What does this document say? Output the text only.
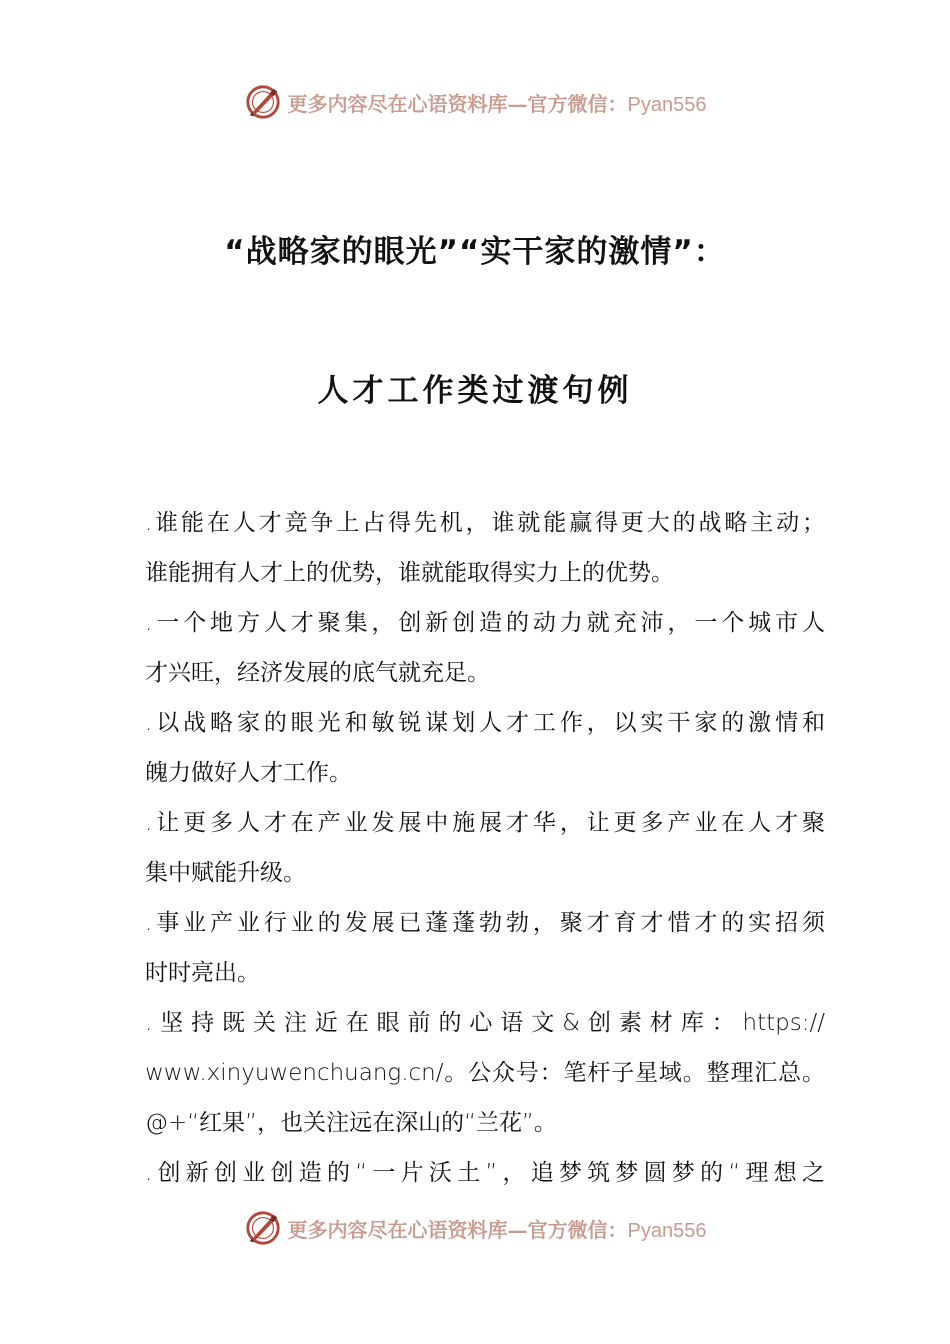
更多内容尽在心语资料库—官方微信：Pyan556
“战略家的眼光”“实干家的激情”：
人才工作类过渡句例
.谁能在人才竞争上占得先机，谁就能赢得更大的战略主动；
谁能拥有人才上的优势，谁就能取得实力上的优势。
.一个地方人才聚集，创新创造的动力就充沛，一个城市人
才兴旺，经济发展的底气就充足。
.以战略家的眼光和敏锐谋划人才工作，以实干家的激情和
魄力做好人才工作。
.让更多人才在产业发展中施展才华，让更多产业在人才聚
集中赋能升级。
.事业产业行业的发展已蓬蓬勃勃，聚才育才惜才的实招须
时时亮出。
.坚持既关注近在眼前的心语文&创素材库：https://
www.xinyuwenchuang.cn/。公众号：笔杆子星域。整理汇总。
@+“红果”，也关注远在深山的“兰花”。
.创新创业创造的“一片沃土”，追梦筑梦圆梦的“理想之
更多内容尽在心语资料库—官方微信：Pyan556
